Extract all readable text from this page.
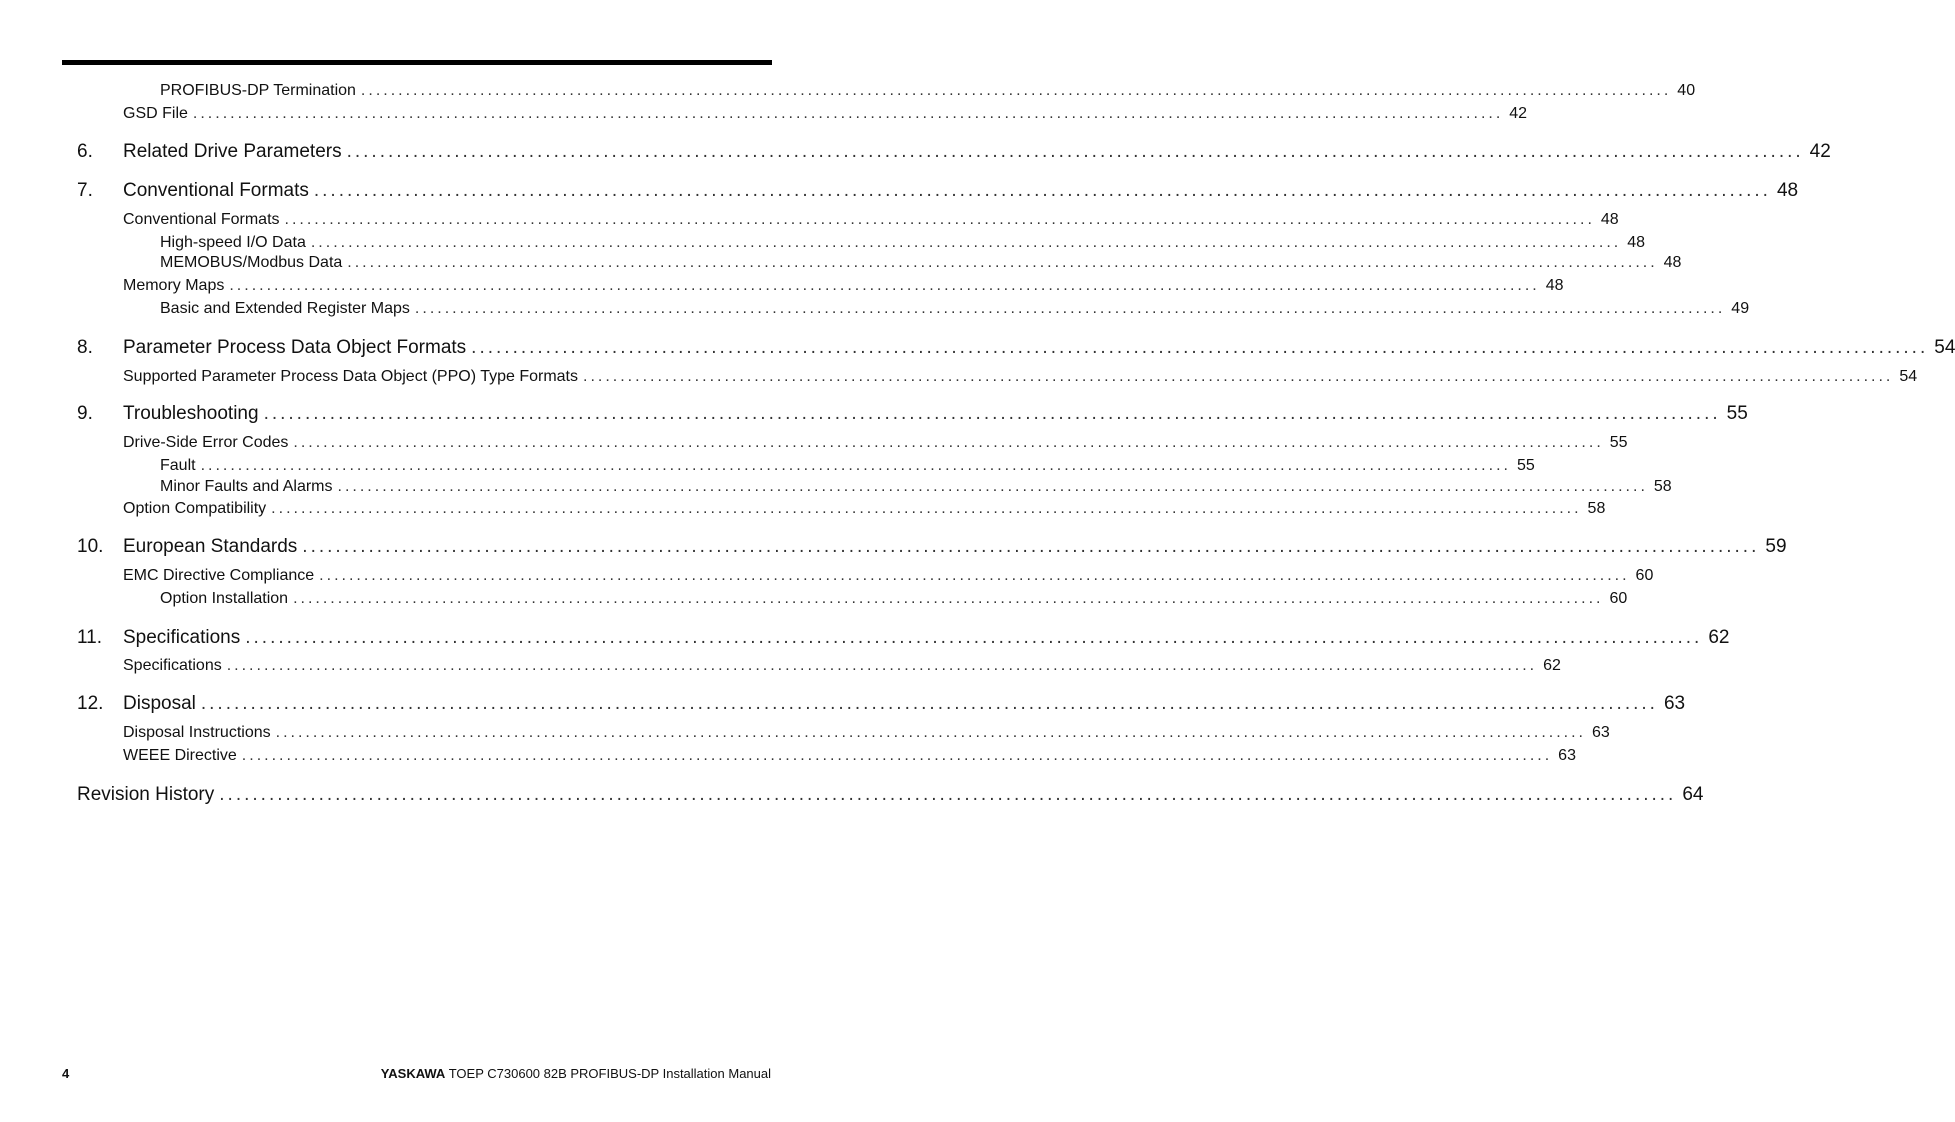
PROFIBUS-DP Termination ................................................................................................................................................................................ 40
GSD File ................................................................................................................................................................................ 42
6.	Related Drive Parameters ................................................................................................................................................................................ 42
7.	Conventional Formats ................................................................................................................................................................................ 48
Conventional Formats ................................................................................................................................................................................ 48
High-speed I/O Data ................................................................................................................................................................................ 48
MEMOBUS/Modbus Data ................................................................................................................................................................................ 48
Memory Maps ................................................................................................................................................................................ 48
Basic and Extended Register Maps ................................................................................................................................................................................ 49
8.	Parameter Process Data Object Formats ................................................................................................................................................................................ 54
Supported Parameter Process Data Object (PPO) Type Formats ................................................................................................................................................................................ 54
9.	Troubleshooting ................................................................................................................................................................................ 55
Drive-Side Error Codes ................................................................................................................................................................................ 55
Fault ................................................................................................................................................................................ 55
Minor Faults and Alarms ................................................................................................................................................................................ 58
Option Compatibility ................................................................................................................................................................................ 58
10.	European Standards ................................................................................................................................................................................ 59
EMC Directive Compliance ................................................................................................................................................................................ 60
Option Installation ................................................................................................................................................................................ 60
11.	Specifications ................................................................................................................................................................................ 62
Specifications ................................................................................................................................................................................ 62
12.	Disposal ................................................................................................................................................................................ 63
Disposal Instructions ................................................................................................................................................................................ 63
WEEE Directive ................................................................................................................................................................................ 63
Revision History ................................................................................................................................................................................ 64
4	YASKAWA TOEP C730600 82B PROFIBUS-DP Installation Manual
